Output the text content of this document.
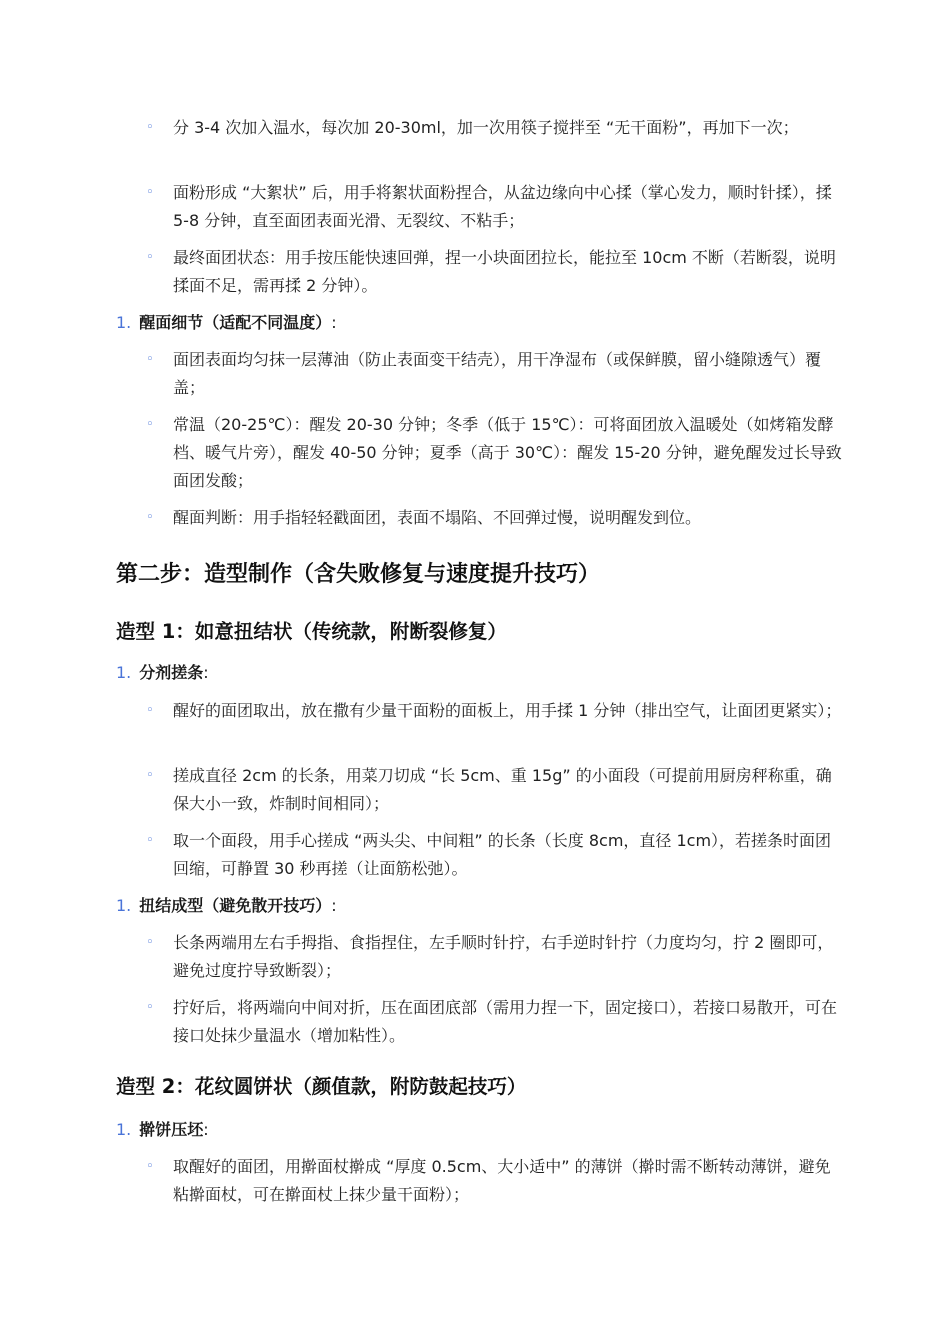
◦ 分 3-4 次加入温水，每次加 20-30ml，加一次用筷子搅拌至 “无干面粉”，再加下一次；
◦ 面粉形成 “大絮状” 后，用手将絮状面粉捏合，从盆边缘向中心揉（掌心发力，顺时针揉），揉 5-8 分钟，直至面团表面光滑、无裂纹、不粘手；
◦ 最终面团状态：用手按压能快速回弹，捏一小块面团拉长，能拉至 10cm 不断（若断裂，说明揉面不足，需再揉 2 分钟）。
1. 醒面细节（适配不同温度）:
◦ 面团表面均匀抹一层薄油（防止表面变干结壳），用干净湿布（或保鲜膜，留小缝隙透气）覆盖；
◦ 常温（20-25℃）：醒发 20-30 分钟；冬季（低于 15℃）：可将面团放入温暖处（如烤箱发酵档、暖气片旁），醒发 40-50 分钟；夏季（高于 30℃）：醒发 15-20 分钟，避免醒发过长导致面团发酸；
◦ 醒面判断：用手指轻轻戳面团，表面不塌陷、不回弹过慢，说明醒发到位。
第二步：造型制作（含失败修复与速度提升技巧）
造型 1：如意扭结状（传统款，附断裂修复）
1. 分剂搓条:
◦ 醒好的面团取出，放在撒有少量干面粉的面板上，用手揉 1 分钟（排出空气，让面团更紧实）；
◦ 搓成直径 2cm 的长条，用菜刀切成 “长 5cm、重 15g” 的小面段（可提前用厨房秤称重，确保大小一致，炸制时间相同）；
◦ 取一个面段，用手心搓成 “两头尖、中间粗” 的长条（长度 8cm，直径 1cm），若搓条时面团回缩，可静置 30 秒再搓（让面筋松弛）。
1. 扭结成型（避免散开技巧）:
◦ 长条两端用左右手拇指、食指捏住，左手顺时针拧，右手逆时针拧（力度均匀，拧 2 圈即可，避免过度拧导致断裂）；
◦ 拧好后，将两端向中间对折，压在面团底部（需用力捏一下，固定接口），若接口易散开，可在接口处抹少量温水（增加粘性）。
造型 2：花纹圆饼状（颜值款，附防鼓起技巧）
1. 擀饼压坯:
◦ 取醒好的面团，用擀面杖擀成 “厚度 0.5cm、大小适中” 的薄饼（擀时需不断转动薄饼，避免粘擀面杖，可在擀面杖上抹少量干面粉）；
